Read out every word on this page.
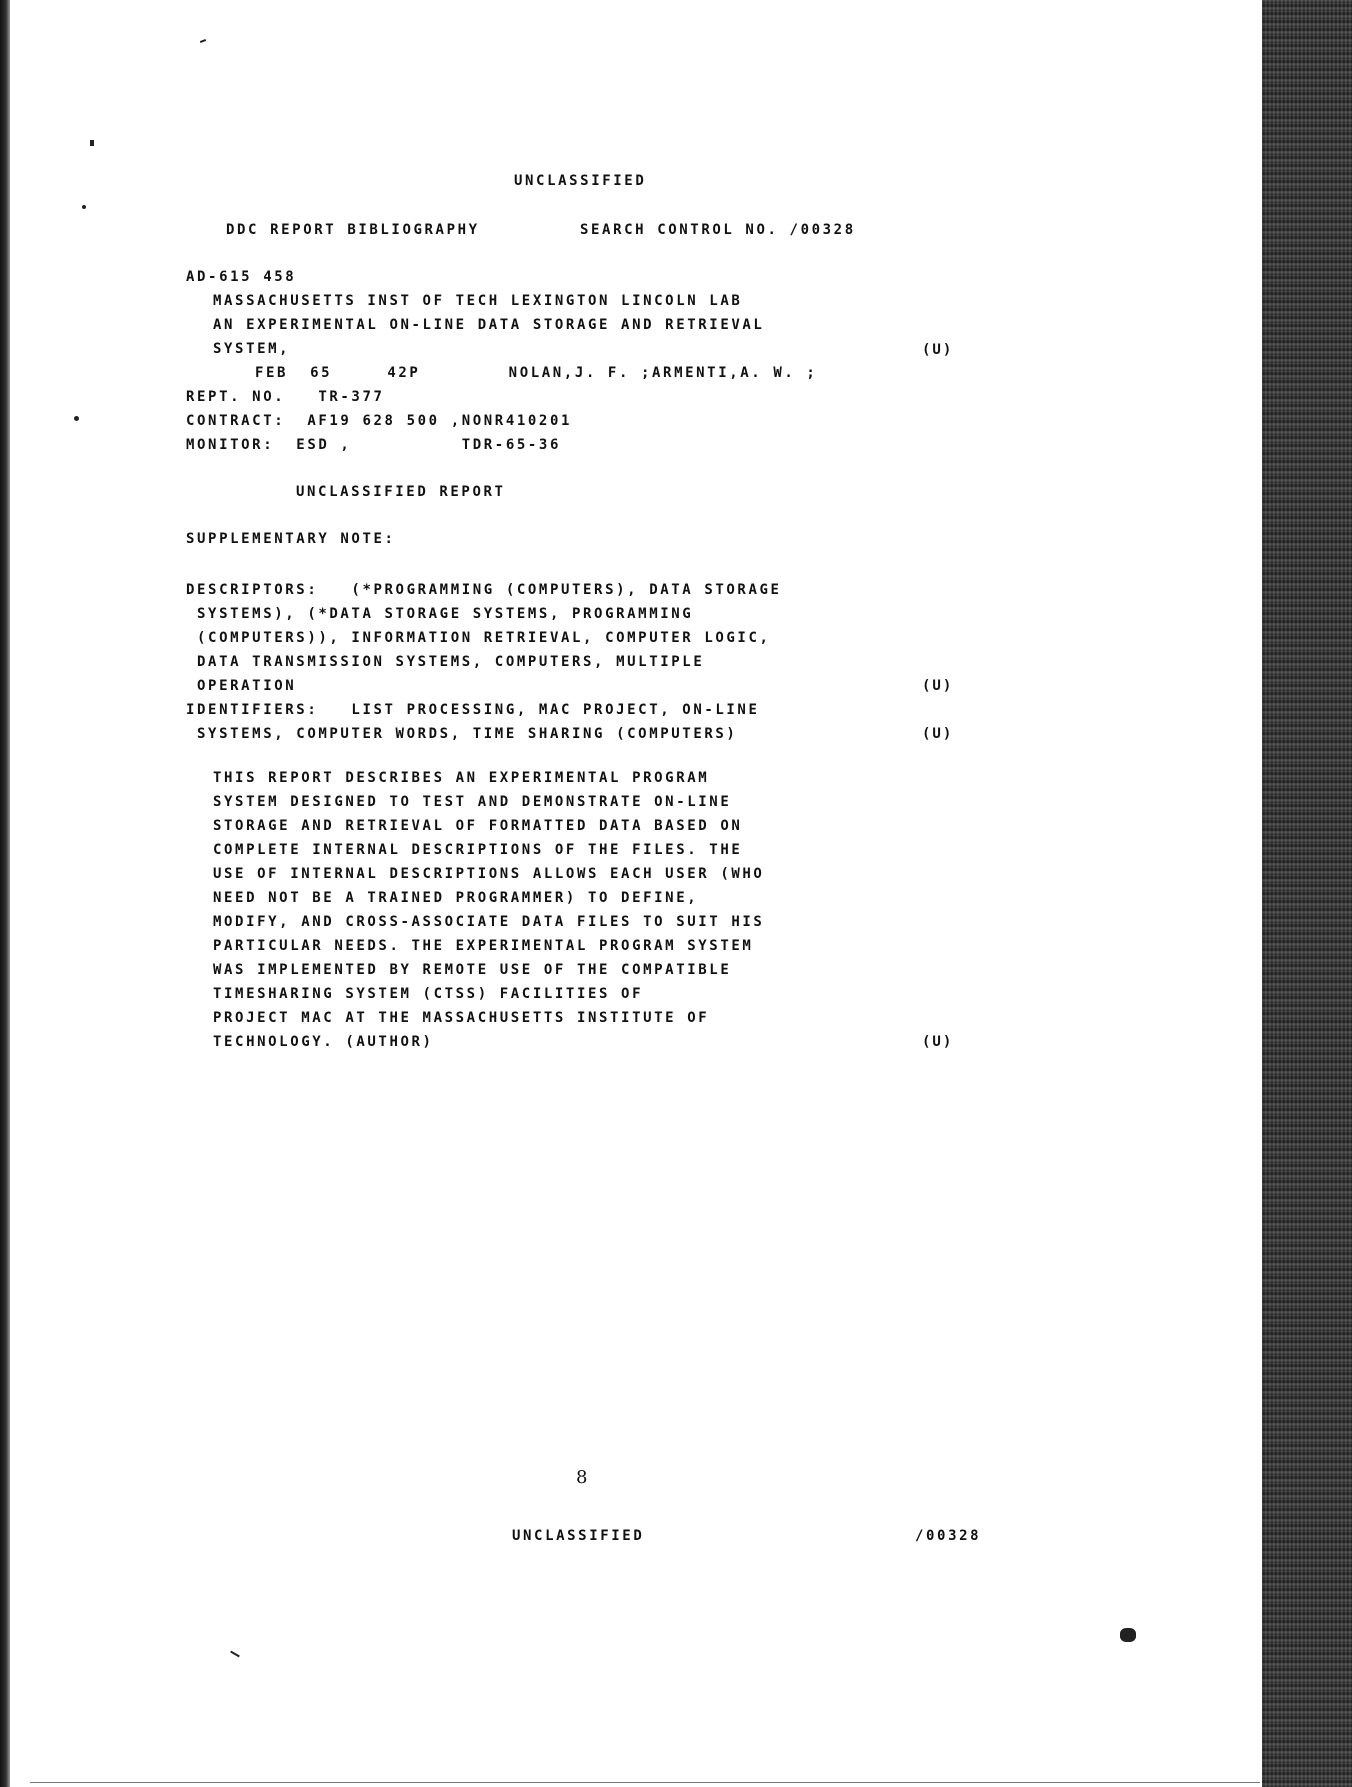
UNCLASSIFIED
DDC REPORT BIBLIOGRAPHY	SEARCH CONTROL NO. /00328
AD-615 458
MASSACHUSETTS INST OF TECH LEXINGTON LINCOLN LAB
AN EXPERIMENTAL ON-LINE DATA STORAGE AND RETRIEVAL
SYSTEM,	(U)
FEB  65     42P        NOLAN,J. F. ;ARMENTI,A. W. ;
REPT. NO.   TR-377
CONTRACT:  AF19 628 500 ,NONR410201
MONITOR:  ESD ,          TDR-65-36
UNCLASSIFIED REPORT
SUPPLEMENTARY NOTE:
DESCRIPTORS:   (*PROGRAMMING (COMPUTERS), DATA STORAGE
SYSTEMS), (*DATA STORAGE SYSTEMS, PROGRAMMING
(COMPUTERS)), INFORMATION RETRIEVAL, COMPUTER LOGIC,
DATA TRANSMISSION SYSTEMS, COMPUTERS, MULTIPLE
OPERATION	(U)
IDENTIFIERS:   LIST PROCESSING, MAC PROJECT, ON-LINE
SYSTEMS, COMPUTER WORDS, TIME SHARING (COMPUTERS)	(U)
THIS REPORT DESCRIBES AN EXPERIMENTAL PROGRAM
SYSTEM DESIGNED TO TEST AND DEMONSTRATE ON-LINE
STORAGE AND RETRIEVAL OF FORMATTED DATA BASED ON
COMPLETE INTERNAL DESCRIPTIONS OF THE FILES. THE
USE OF INTERNAL DESCRIPTIONS ALLOWS EACH USER (WHO
NEED NOT BE A TRAINED PROGRAMMER) TO DEFINE,
MODIFY, AND CROSS-ASSOCIATE DATA FILES TO SUIT HIS
PARTICULAR NEEDS. THE EXPERIMENTAL PROGRAM SYSTEM
WAS IMPLEMENTED BY REMOTE USE OF THE COMPATIBLE
TIMESHARING SYSTEM (CTSS) FACILITIES OF
PROJECT MAC AT THE MASSACHUSETTS INSTITUTE OF
TECHNOLOGY. (AUTHOR)	(U)
8
UNCLASSIFIED	/00328
